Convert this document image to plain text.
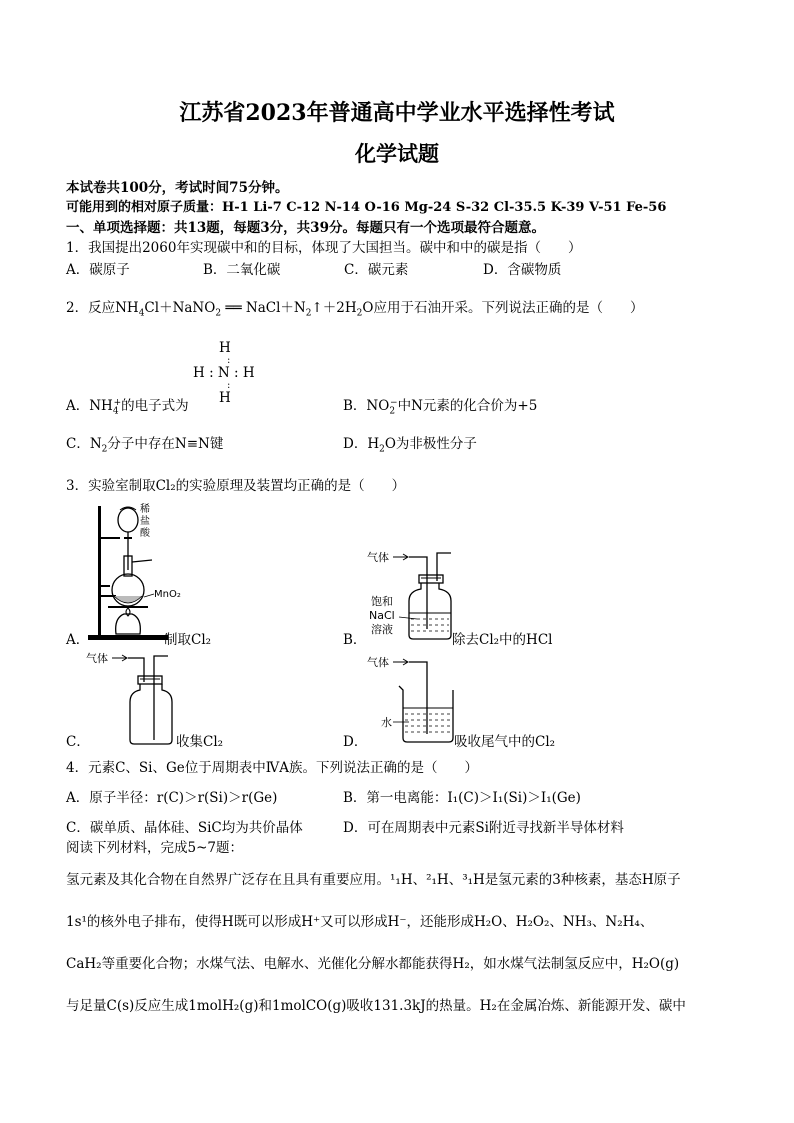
江苏省2023年普通高中学业水平选择性考试
化学试题
本试卷共100分，考试时间75分钟。
可能用到的相对原子质量：H-1 Li-7 C-12 N-14 O-16 Mg-24 S-32 Cl-35.5 K-39 V-51 Fe-56
一、单项选择题：共13题，每题3分，共39分。每题只有一个选项最符合题意。
1．我国提出2060年实现碳中和的目标，体现了大国担当。碳中和中的碳是指（　　）
A．碳原子	B．二氧化碳	C．碳元素	D．含碳物质
2．反应$NH_4Cl+NaNO_2$ ══ $NaCl+N_2↑+2H_2O$应用于石油开采。下列说法正确的是（　　）
H
:
H : N : H
:
H
A．$NH_4^+$的电子式为	B．$NO_2^-$中N元素的化合价为+5
C．$N_2$分子中存在N≡N键	D．$H_2O$为非极性分子
3．实验室制取Cl₂的实验原理及装置均正确的是（　　）
稀
盐
酸
MnO₂
A．	制取Cl₂
气体
饱和
NaCl
溶液
B．	除去Cl₂中的HCl
气体
C．	收集Cl₂
气体
水
D．	吸收尾气中的Cl₂
4．元素C、Si、Ge位于周期表中ⅣA族。下列说法正确的是（　　）
A．原子半径：r(C)＞r(Si)＞r(Ge)	B．第一电离能：I₁(C)＞I₁(Si)＞I₁(Ge)
C．碳单质、晶体硅、SiC均为共价晶体	D．可在周期表中元素Si附近寻找新半导体材料
阅读下列材料，完成5~7题：
氢元素及其化合物在自然界广泛存在且具有重要应用。¹₁H、²₁H、³₁H是氢元素的3种核素，基态H原子
1s¹的核外电子排布，使得H既可以形成H⁺又可以形成H⁻，还能形成H₂O、H₂O₂、NH₃、N₂H₄、
CaH₂等重要化合物；水煤气法、电解水、光催化分解水都能获得H₂，如水煤气法制氢反应中，H₂O(g)
与足量C(s)反应生成1molH₂(g)和1molCO(g)吸收131.3kJ的热量。H₂在金属冶炼、新能源开发、碳中
